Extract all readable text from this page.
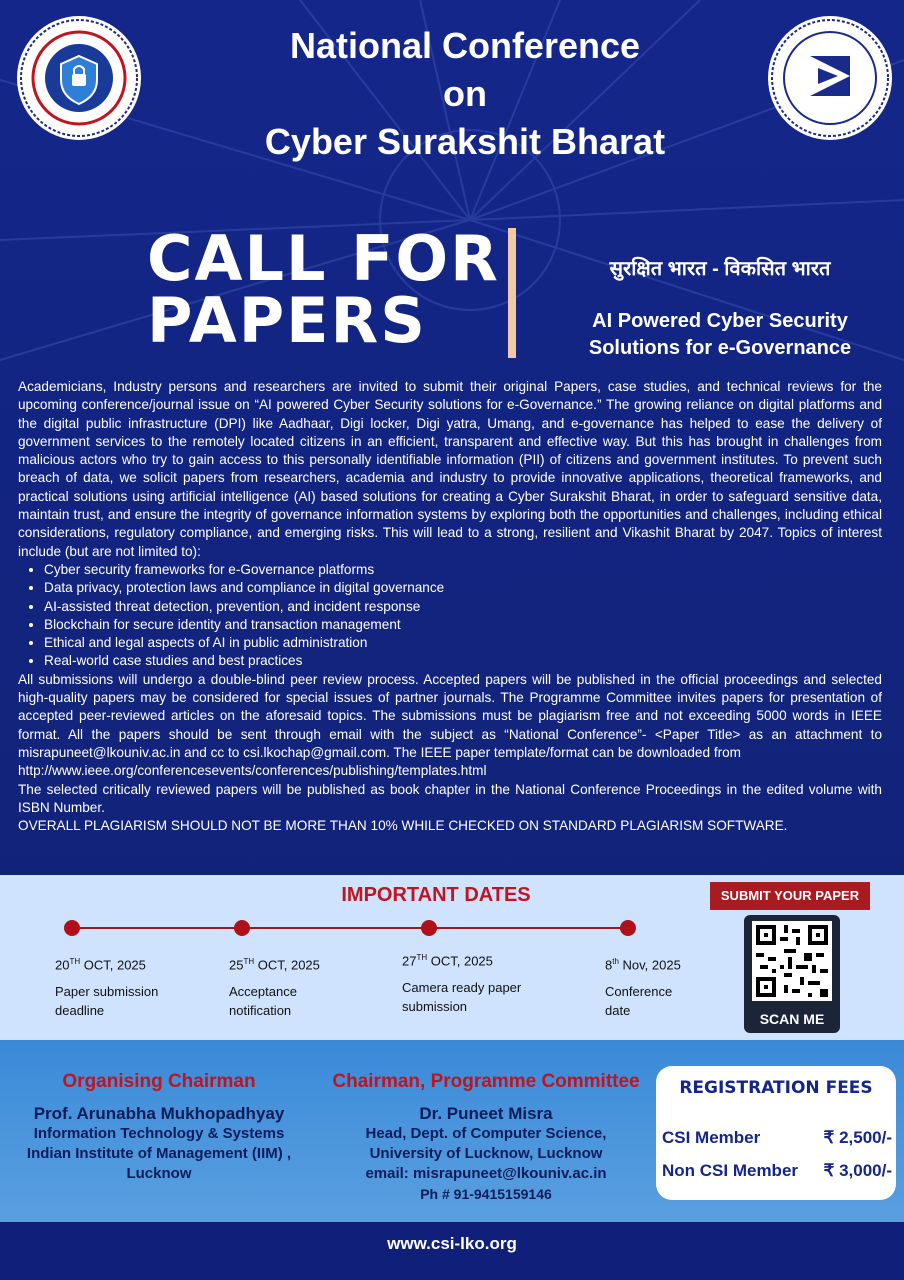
National Conference
on
Cyber Surakshit Bharat
CALL FOR
PAPERS
सुरक्षित भारत - विकसित भारत
AI Powered Cyber Security
Solutions for e-Governance

Academicians, Industry persons and researchers are invited to submit their original Papers, case studies, and technical reviews for the upcoming conference/journal issue on “AI powered Cyber Security solutions for e-Governance.” The growing reliance on digital platforms and the digital public infrastructure (DPI) like Aadhaar, Digi locker, Digi yatra, Umang, and e-governance has helped to ease the delivery of government services to the remotely located citizens in an efficient, transparent and effective way. But this has brought in challenges from malicious actors who try to gain access to this personally identifiable information (PII) of citizens and government institutes. To prevent such breach of data, we solicit papers from researchers, academia and industry to provide innovative applications, theoretical frameworks, and practical solutions using artificial intelligence (AI) based solutions for creating a Cyber Surakshit Bharat, in order to safeguard sensitive data, maintain trust, and ensure the integrity of governance information systems by exploring both the opportunities and challenges, including ethical considerations, regulatory compliance, and emerging risks. This will lead to a strong, resilient and Vikashit Bharat by 2047. Topics of interest include (but are not limited to):

• Cyber security frameworks for e-Governance platforms
• Data privacy, protection laws and compliance in digital governance
• AI-assisted threat detection, prevention, and incident response
• Blockchain for secure identity and transaction management
• Ethical and legal aspects of AI in public administration
• Real-world case studies and best practices

All submissions will undergo a double-blind peer review process. Accepted papers will be published in the official proceedings and selected high-quality papers may be considered for special issues of partner journals. The Programme Committee invites papers for presentation of accepted peer-reviewed articles on the aforesaid topics. The submissions must be plagiarism free and not exceeding 5000 words in IEEE format. All the papers should be sent through email with the subject as “National Conference”- <Paper Title> as an attachment to misrapuneet@lkouniv.ac.in and cc to csi.lkochap@gmail.com. The IEEE paper template/format can be downloaded from

http://www.ieee.org/conferencesevents/conferences/publishing/templates.html

The selected critically reviewed papers will be published as book chapter in the National Conference Proceedings in the edited volume with ISBN Number.

OVERALL PLAGIARISM SHOULD NOT BE MORE THAN 10% WHILE CHECKED ON STANDARD PLAGIARISM SOFTWARE.

IMPORTANT DATES
20TH OCT, 2025
Paper submission deadline
25TH OCT, 2025
Acceptance notification
27TH OCT, 2025
Camera ready paper submission
8th Nov, 2025
Conference date
SUBMIT YOUR PAPER
SCAN ME
Organising Chairman
Prof. Arunabha Mukhopadhyay
Information Technology & Systems
Indian Institute of Management (IIM) ,
Lucknow
Chairman, Programme Committee
Dr. Puneet Misra
Head, Dept. of Computer Science,
University of Lucknow, Lucknow
email: misrapuneet@lkouniv.ac.in
Ph # 91-9415159146
REGISTRATION FEES
CSI Member	₹ 2,500/-
Non CSI Member ₹ 3,000/-
www.csi-lko.org
